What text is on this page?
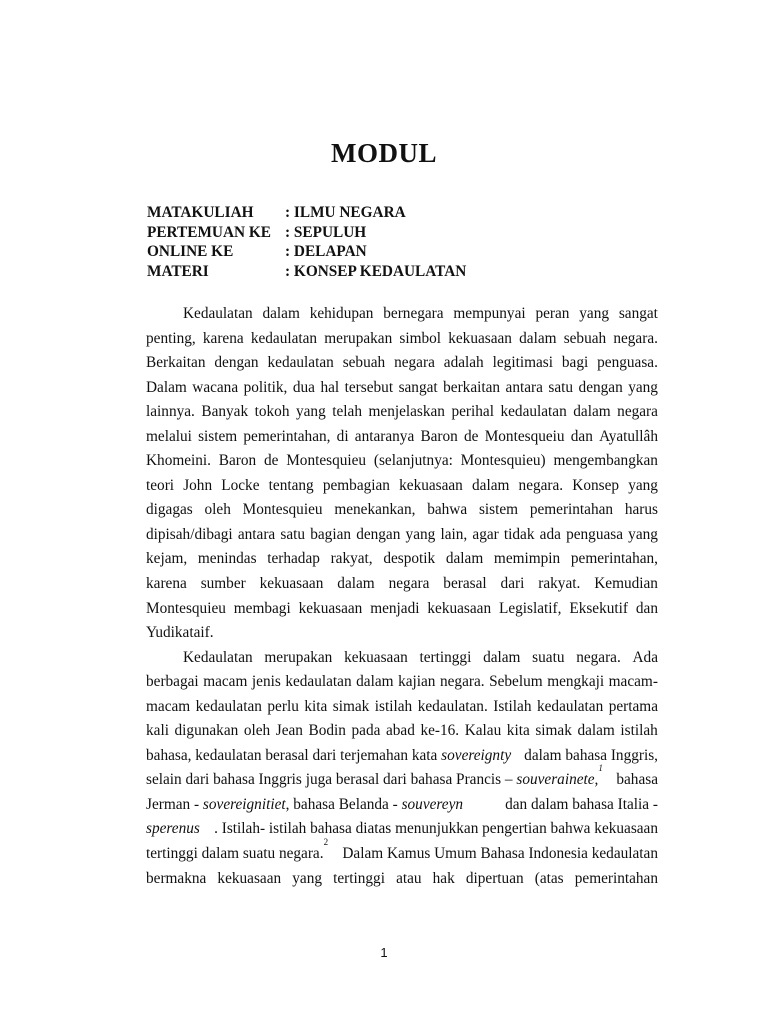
MODUL
MATAKULIAH	: ILMU NEGARA
PERTEMUAN KE : SEPULUH
ONLINE KE	: DELAPAN
MATERI	: KONSEP KEDAULATAN
Kedaulatan dalam kehidupan bernegara mempunyai peran yang sangat
penting, karena kedaulatan merupakan simbol kekuasaan dalam sebuah negara.
Berkaitan dengan kedaulatan sebuah negara adalah legitimasi bagi penguasa.
Dalam wacana politik, dua hal tersebut sangat berkaitan antara satu dengan yang
lainnya. Banyak tokoh yang telah menjelaskan perihal kedaulatan dalam negara
melalui sistem pemerintahan, di antaranya Baron de Montesqueiu dan Ayatullâh
Khomeini. Baron de Montesquieu (selanjutnya: Montesquieu) mengembangkan
teori John Locke tentang pembagian kekuasaan dalam negara. Konsep yang
digagas oleh Montesquieu menekankan, bahwa sistem pemerintahan harus
dipisah/dibagi antara satu bagian dengan yang lain, agar tidak ada penguasa yang
kejam, menindas terhadap rakyat, despotik dalam memimpin pemerintahan,
karena sumber kekuasaan dalam negara berasal dari rakyat. Kemudian
Montesquieu membagi kekuasaan menjadi kekuasaan Legislatif, Eksekutif dan
Yudikataif.
Kedaulatan merupakan kekuasaan tertinggi dalam suatu negara. Ada
berbagai macam jenis kedaulatan dalam kajian negara. Sebelum mengkaji macam-
macam kedaulatan perlu kita simak istilah kedaulatan. Istilah kedaulatan pertama
kali digunakan oleh Jean Bodin pada abad ke-16. Kalau kita simak dalam istilah
bahasa, kedaulatan berasal dari terjemahan kata sovereignty dalam bahasa Inggris,
selain dari bahasa Inggris juga berasal dari bahasa Prancis – souverainete,
1
bahasa
Jerman - sovereignitiet , bahasa Belanda - souvereyn	dan dalam bahasa Italia -
sperenus . Istilah- istilah bahasa diatas menunjukkan pengertian bahwa kekuasaan
tertinggi dalam suatu negara.
2
Dalam Kamus Umum Bahasa Indonesia kedaulatan
bermakna kekuasaan yang tertinggi atau hak dipertuan (atas pemerintahan
1
